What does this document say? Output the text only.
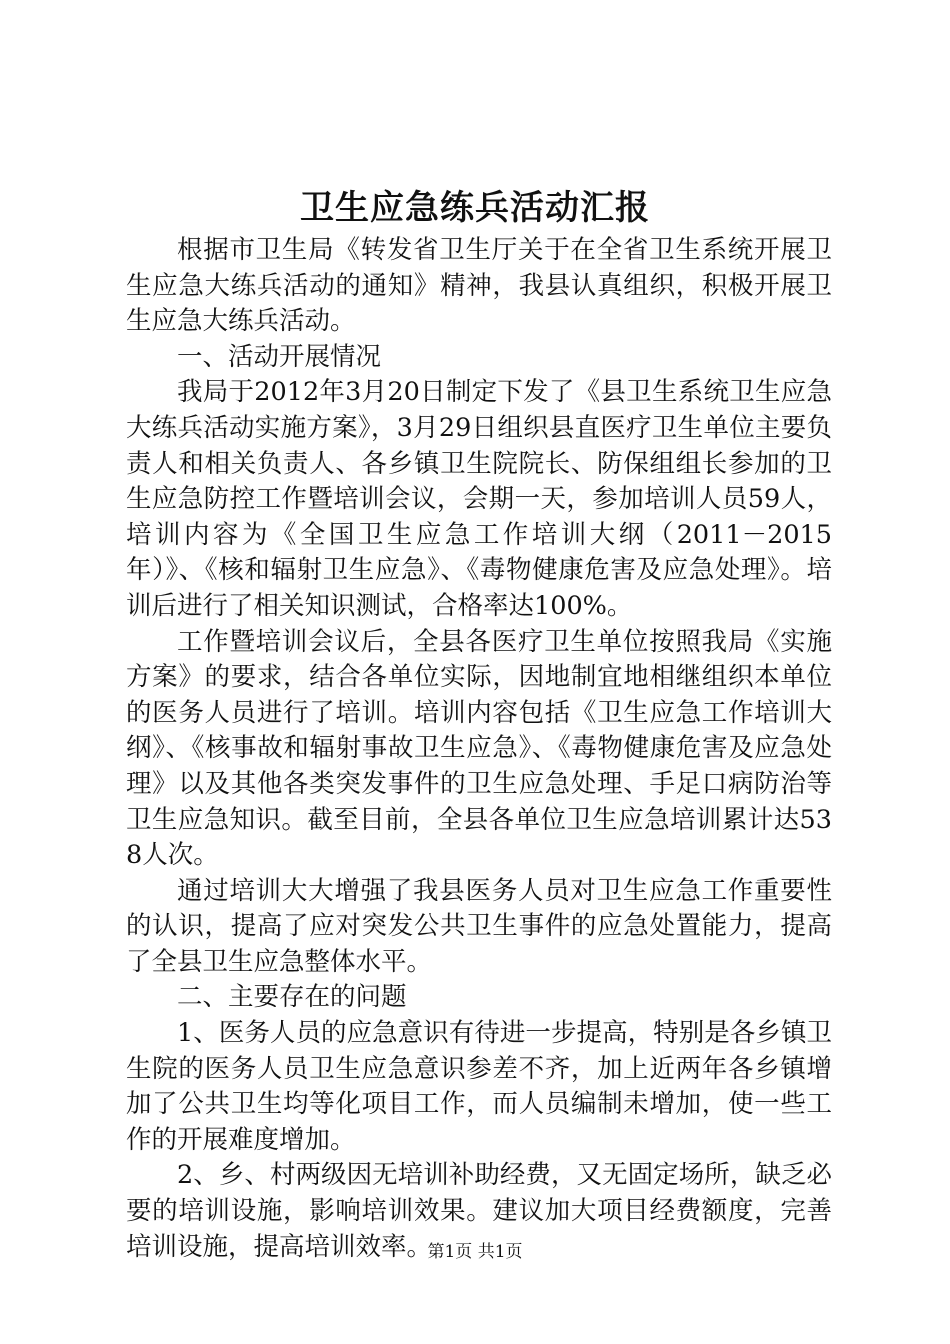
卫生应急练兵活动汇报

根据市卫生局《转发省卫生厅关于在全省卫生系统开展卫生应急大练兵活动的通知》精神，我县认真组织，积极开展卫生应急大练兵活动。

一、活动开展情况

我局于2012年3月20日制定下发了《县卫生系统卫生应急大练兵活动实施方案》，3月29日组织县直医疗卫生单位主要负责人和相关负责人、各乡镇卫生院院长、防保组组长参加的卫生应急防控工作暨培训会议，会期一天，参加培训人员59人，培训内容为《全国卫生应急工作培训大纲（2011－2015年）》、《核和辐射卫生应急》、《毒物健康危害及应急处理》。培训后进行了相关知识测试，合格率达100%。

工作暨培训会议后，全县各医疗卫生单位按照我局《实施方案》的要求，结合各单位实际，因地制宜地相继组织本单位的医务人员进行了培训。培训内容包括《卫生应急工作培训大纲》、《核事故和辐射事故卫生应急》、《毒物健康危害及应急处理》以及其他各类突发事件的卫生应急处理、手足口病防治等卫生应急知识。截至目前，全县各单位卫生应急培训累计达538人次。

通过培训大大增强了我县医务人员对卫生应急工作重要性的认识，提高了应对突发公共卫生事件的应急处置能力，提高了全县卫生应急整体水平。

二、主要存在的问题

1、医务人员的应急意识有待进一步提高，特别是各乡镇卫生院的医务人员卫生应急意识参差不齐，加上近两年各乡镇增加了公共卫生均等化项目工作，而人员编制未增加，使一些工作的开展难度增加。

2、乡、村两级因无培训补助经费，又无固定场所，缺乏必要的培训设施，影响培训效果。建议加大项目经费额度，完善培训设施，提高培训效率。

第1页 共1页
